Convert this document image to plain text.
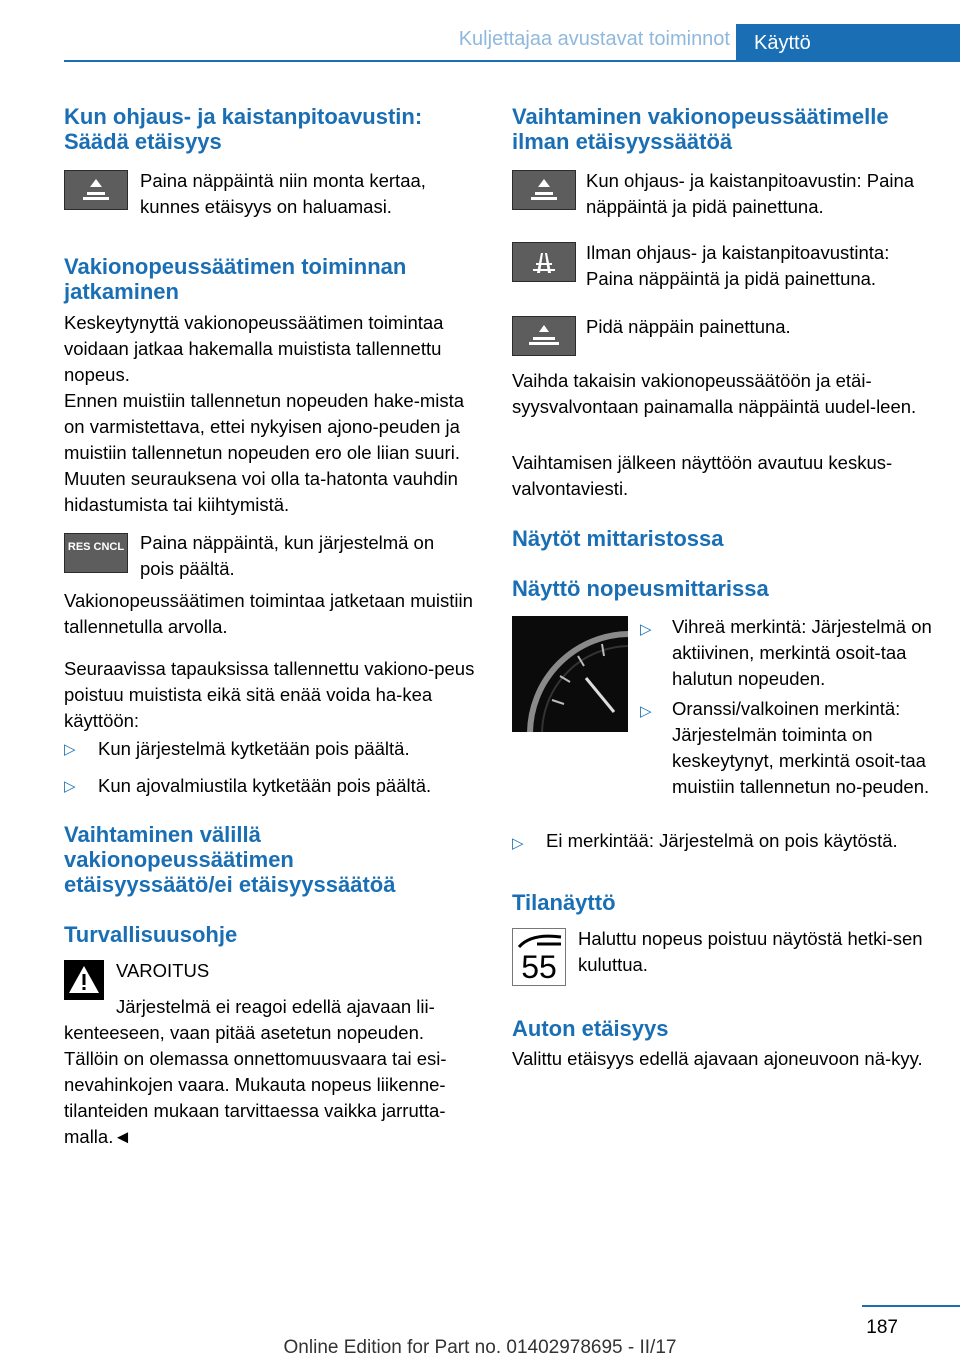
Kuljettajaa avustavat toiminnot	Käyttö
Kun ohjaus- ja kaistanpitoavustin: Säädä etäisyys
Paina näppäintä niin monta kertaa, kunnes etäisyys on haluamasi.
Vakionopeussäätimen toiminnan jatkaminen
Keskeytynyttä vakionopeussäätimen toimintaa voidaan jatkaa hakemalla muistista tallennettu nopeus.
Ennen muistiin tallennetun nopeuden hake-mista on varmistettava, ettei nykyisen ajono-peuden ja muistiin tallennetun nopeuden ero ole liian suuri. Muuten seurauksena voi olla ta-hatonta vauhdin hidastumista tai kiihtymistä.
RES CNCL Paina näppäintä, kun järjestelmä on pois päältä.
Vakionopeussäätimen toimintaa jatketaan muistiin tallennetulla arvolla.
Seuraavissa tapauksissa tallennettu vakiono-peus poistuu muistista eikä sitä enää voida ha-kea käyttöön:
▷ Kun järjestelmä kytketään pois päältä.
▷ Kun ajovalmiustila kytketään pois päältä.
Vaihtaminen välillä vakionopeussäätimen etäisyyssäätö/ei etäisyyssäätöä
Turvallisuusohje
VAROITUS
Järjestelmä ei reagoi edellä ajavaan lii-kenteeseen, vaan pitää asetetun nopeuden. Tällöin on olemassa onnettomuusvaara tai esi-nevahinkojen vaara. Mukauta nopeus liikenne-tilanteiden mukaan tarvittaessa vaikka jarrutta-malla.◄
Vaihtaminen vakionopeussäätimelle ilman etäisyyssäätöä
Kun ohjaus- ja kaistanpitoavustin: Paina näppäintä ja pidä painettuna.
Ilman ohjaus- ja kaistanpitoavustinta: Paina näppäintä ja pidä painettuna.
Pidä näppäin painettuna.
Vaihda takaisin vakionopeussäätöön ja etäi-syysvalvontaan painamalla näppäintä uudel-leen.
Vaihtamisen jälkeen näyttöön avautuu keskus-valvontaviesti.
Näytöt mittaristossa
Näyttö nopeusmittarissa
▷ Vihreä merkintä: Järjestelmä on aktiivinen, merkintä osoit-taa halutun nopeuden.
▷ Oranssi/valkoinen merkintä: Järjestelmän toiminta on keskeytynyt, merkintä osoit-taa muistiin tallennetun no-peuden.
▷ Ei merkintää: Järjestelmä on pois käytöstä.
Tilanäyttö
55
Haluttu nopeus poistuu näytöstä hetki-sen kuluttua.
Auton etäisyys
Valittu etäisyys edellä ajavaan ajoneuvoon nä-kyy.
187
Online Edition for Part no. 01402978695 - II/17
